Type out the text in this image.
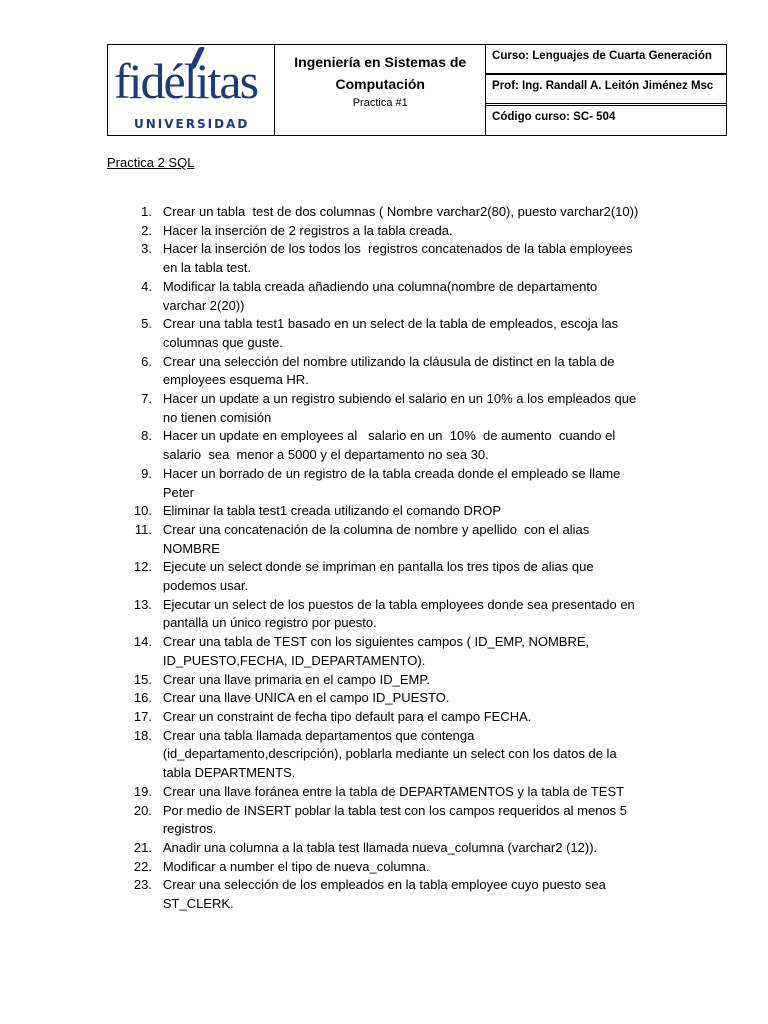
fidélitas
UNIVERSIDAD

Ingeniería en Sistemas de
Computación
Practica #1

Curso: Lenguajes de Cuarta Generación

Prof: Ing. Randall A. Leitón Jiménez Msc

Código curso: SC- 504
Practica 2 SQL
1.
Crear un tabla  test de dos columnas ( Nombre varchar2(80), puesto varchar2(10))
2.
Hacer la inserción de 2 registros a la tabla creada.
3.
Hacer la inserción de los todos los  registros concatenados de la tabla employees
en la tabla test.
4.
Modificar la tabla creada añadiendo una columna(nombre de departamento
varchar 2(20))
5.
Crear una tabla test1 basado en un select de la tabla de empleados, escoja las
columnas que guste.
6.
Crear una selección del nombre utilizando la cláusula de distinct en la tabla de
employees esquema HR.
7.
Hacer un update a un registro subiendo el salario en un 10% a los empleados que
no tienen comisión
8.
Hacer un update en employees al   salario en un  10%  de aumento  cuando el
salario  sea  menor a 5000 y el departamento no sea 30.
9.
Hacer un borrado de un registro de la tabla creada donde el empleado se llame
Peter
10.
Eliminar la tabla test1 creada utilizando el comando DROP
11.
Crear una concatenación de la columna de nombre y apellido  con el alias
NOMBRE
12.
Ejecute un select donde se impriman en pantalla los tres tipos de alias que
podemos usar.
13.
Ejecutar un select de los puestos de la tabla employees donde sea presentado en
pantalla un único registro por puesto.
14.
Crear una tabla de TEST con los siguientes campos ( ID_EMP, NOMBRE,
ID_PUESTO,FECHA, ID_DEPARTAMENTO).
15.
Crear una llave primaria en el campo ID_EMP.
16.
Crear una llave UNICA en el campo ID_PUESTO.
17.
Crear un constraint de fecha tipo default para el campo FECHA.
18.
Crear una tabla llamada departamentos que contenga
(id_departamento,descripción), poblarla mediante un select con los datos de la
tabla DEPARTMENTS.
19.
Crear una llave foránea entre la tabla de DEPARTAMENTOS y la tabla de TEST
20.
Por medio de INSERT poblar la tabla test con los campos requeridos al menos 5
registros.
21.
Anadir una columna a la tabla test llamada nueva_columna (varchar2 (12)).
22.
Modificar a number el tipo de nueva_columna.
23.
Crear una selección de los empleados en la tabla employee cuyo puesto sea
ST_CLERK.
